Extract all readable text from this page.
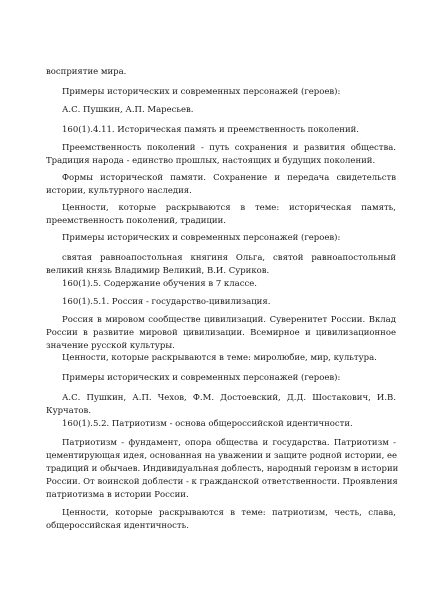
восприятие мира.

Примеры исторических и современных персонажей (героев):

А.С. Пушкин, А.П. Маресьев.

160(1).4.11. Историческая память и преемственность поколений.

Преемственность поколений - путь сохранения и развития общества.
Традиция народа - единство прошлых, настоящих и будущих поколений.

Формы исторической памяти. Сохранение и передача свидетельств
истории, культурного наследия.

Ценности, которые раскрываются в теме: историческая память,
преемственность поколений, традиции.

Примеры исторических и современных персонажей (героев):

святая равноапостольная княгиня Ольга, святой равноапостольный
великий князь Владимир Великий, В.И. Суриков.

160(1).5. Содержание обучения в 7 классе.

160(1).5.1. Россия - государство-цивилизация.

Россия в мировом сообществе цивилизаций. Суверенитет России. Вклад
России в развитие мировой цивилизации. Всемирное и цивилизационное
значение русской культуры.

Ценности, которые раскрываются в теме: миролюбие, мир, культура.

Примеры исторических и современных персонажей (героев):

А.С. Пушкин, А.П. Чехов, Ф.М. Достоевский, Д.Д. Шостакович, И.В.
Курчатов.

160(1).5.2. Патриотизм - основа общероссийской идентичности.

Патриотизм - фундамент, опора общества и государства. Патриотизм -
цементирующая идея, основанная на уважении и защите родной истории, ее
традиций и обычаев. Индивидуальная доблесть, народный героизм в истории
России. От воинской доблести - к гражданской ответственности. Проявления
патриотизма в истории России.

Ценности, которые раскрываются в теме: патриотизм, честь, слава,
общероссийская идентичность.
